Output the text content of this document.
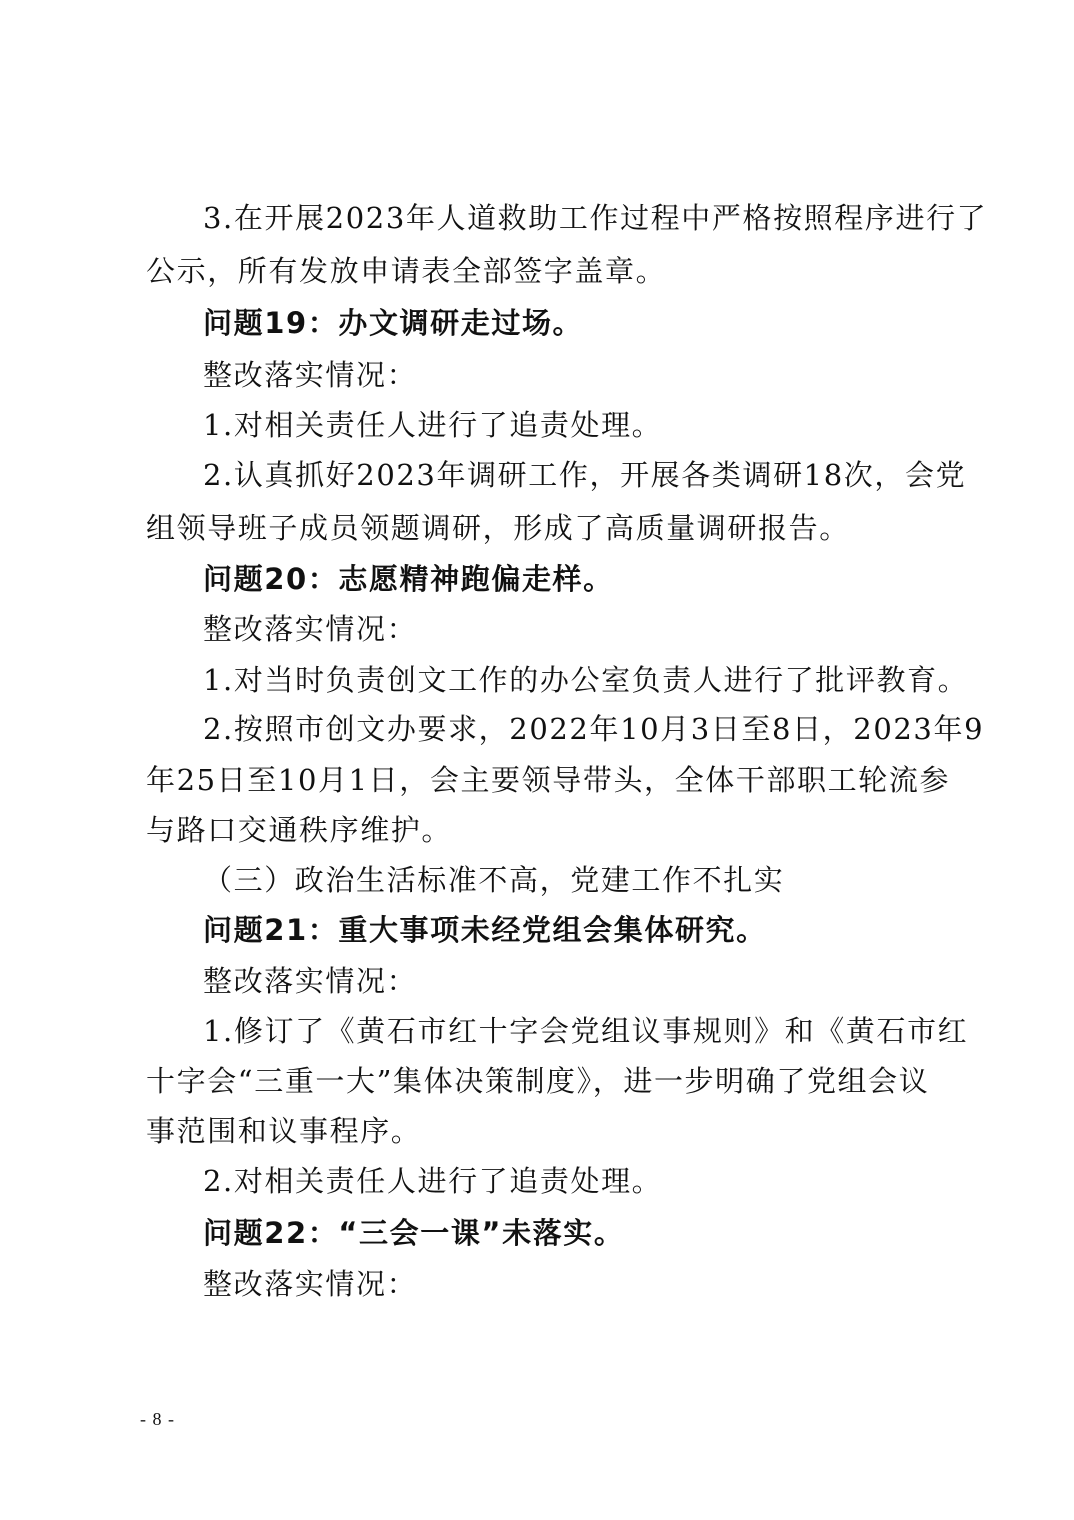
3.在开展2023年人道救助工作过程中严格按照程序进行了
公示，所有发放申请表全部签字盖章。
问题19：办文调研走过场。
整改落实情况：
1.对相关责任人进行了追责处理。
2.认真抓好2023年调研工作，开展各类调研18次，会党
组领导班子成员领题调研，形成了高质量调研报告。
问题20：志愿精神跑偏走样。
整改落实情况：
1.对当时负责创文工作的办公室负责人进行了批评教育。
2.按照市创文办要求，2022年10月3日至8日，2023年9
年25日至10月1日，会主要领导带头，全体干部职工轮流参
与路口交通秩序维护。
（三）政治生活标准不高，党建工作不扎实
问题21：重大事项未经党组会集体研究。
整改落实情况：
1.修订了《黄石市红十字会党组议事规则》和《黄石市红
十字会“三重一大”集体决策制度》，进一步明确了党组会议
事范围和议事程序。
2.对相关责任人进行了追责处理。
问题22：“三会一课”未落实。
整改落实情况：
- 8 -
